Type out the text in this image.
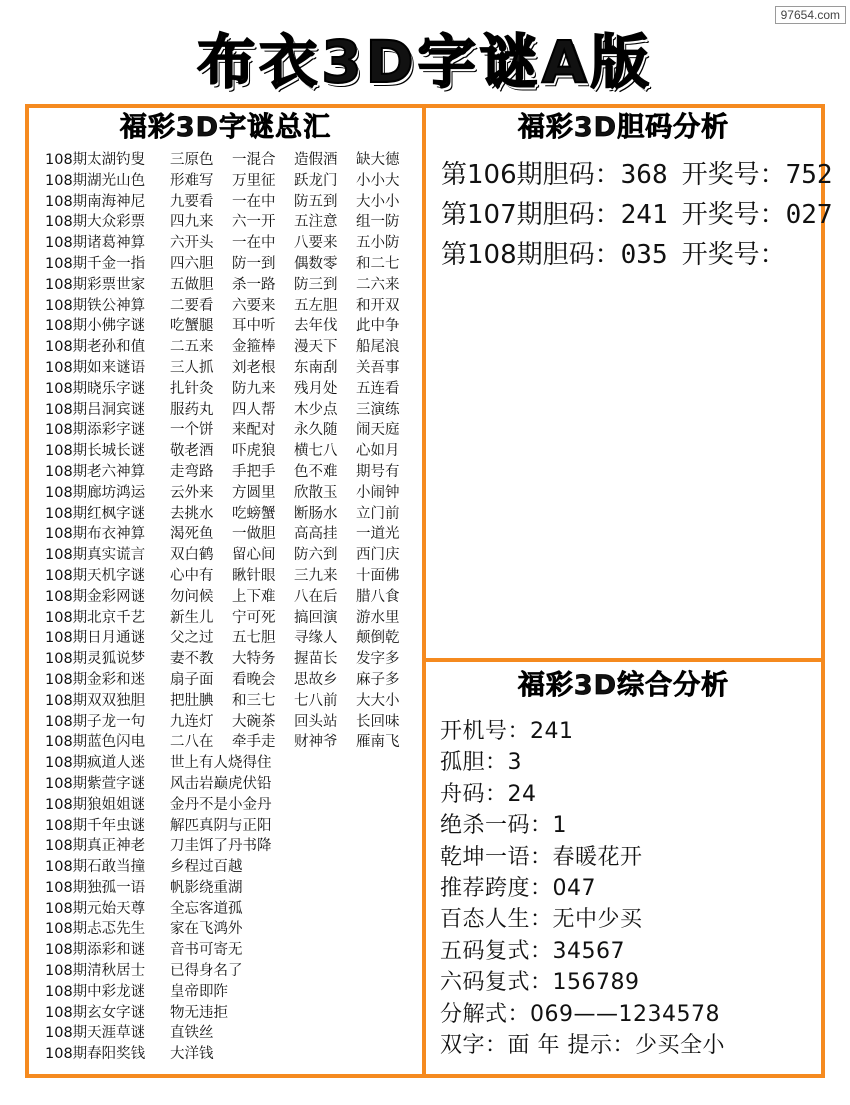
97654.com
布衣3D字谜A版
福彩3D字谜总汇
108期太湖钓叟 三原色 一混合 造假酒 缺大德
108期湖光山色 形难写 万里征 跃龙门 小小大
108期南海神尼 九要看 一在中 防五到 大小小
108期大众彩票 四九来 六一开 五注意 组一防
108期诸葛神算 六开头 一在中 八要来 五小防
108期千金一指 四六胆 防一到 偶数零 和二七
108期彩票世家 五做胆 杀一路 防三到 二六来
108期铁公神算 二要看 六要来 五左胆 和开双
108期小佛字谜 吃蟹腿 耳中听 去年伐 此中争
108期老孙和值 二五来 金箍棒 漫天下 船尾浪
108期如来谜语 三人抓 刘老根 东南刮 关吾事
108期晓乐字谜 扎针灸 防九来 残月处 五连看
108期吕洞宾谜 服药丸 四人帮 木少点 三演练
108期添彩字谜 一个饼 来配对 永久随 闹天庭
108期长城长谜 敬老酒 吓虎狼 横七八 心如月
108期老六神算 走弯路 手把手 色不难 期号有
108期廊坊鸿运 云外来 方圆里 欣散玉 小闹钟
108期红枫字谜 去挑水 吃螃蟹 断肠水 立门前
108期布衣神算 渴死鱼 一做胆 高高挂 一道光
108期真实谎言 双白鹤 留心间 防六到 西门庆
108期天机字谜 心中有 瞅针眼 三九来 十面佛
108期金彩网谜 勿问候 上下难 八在后 腊八食
108期北京千艺 新生儿 宁可死 搞回演 游水里
108期日月通谜 父之过 五七胆 寻缘人 颠倒乾
108期灵狐说梦 妻不教 大特务 握苗长 发字多
108期金彩和迷 扇子面 看晚会 思故乡 麻子多
108期双双独胆 把肚腆 和三七 七八前 大大小
108期子龙一句 九连灯 大碗茶 回头站 长回味
108期蓝色闪电 二八在 牵手走 财神爷 雁南飞
108期疯道人迷 世上有人烧得住
108期紫萱字谜 风击岩巅虎伏铅
108期狼姐姐谜 金丹不是小金丹
108期千年虫谜 解匹真阴与正阳
108期真正神老 刀圭饵了丹书降
108期石敢当撞 乡程过百越
108期独孤一语 帆影绕重湖
108期元始天尊 全忘客道孤
108期忐忑先生 家在飞鸿外
108期添彩和谜 音书可寄无
108期清秋居士 已得身名了
108期中彩龙谜 皇帝即阼
108期玄女字谜 物无违拒
108期天涯草谜 直铁丝
108期春阳奖钱 大洋钱
福彩3D胆码分析
第106期胆码：368 开奖号：752
第107期胆码：241 开奖号：027
第108期胆码：035 开奖号：
福彩3D综合分析
开机号：241
孤胆：3
舟码：24
绝杀一码：1
乾坤一语：春暖花开
推荐跨度：047
百态人生：无中少买
五码复式：34567
六码复式：156789
分解式：069——1234578
双字：面 年 提示：少买全小
